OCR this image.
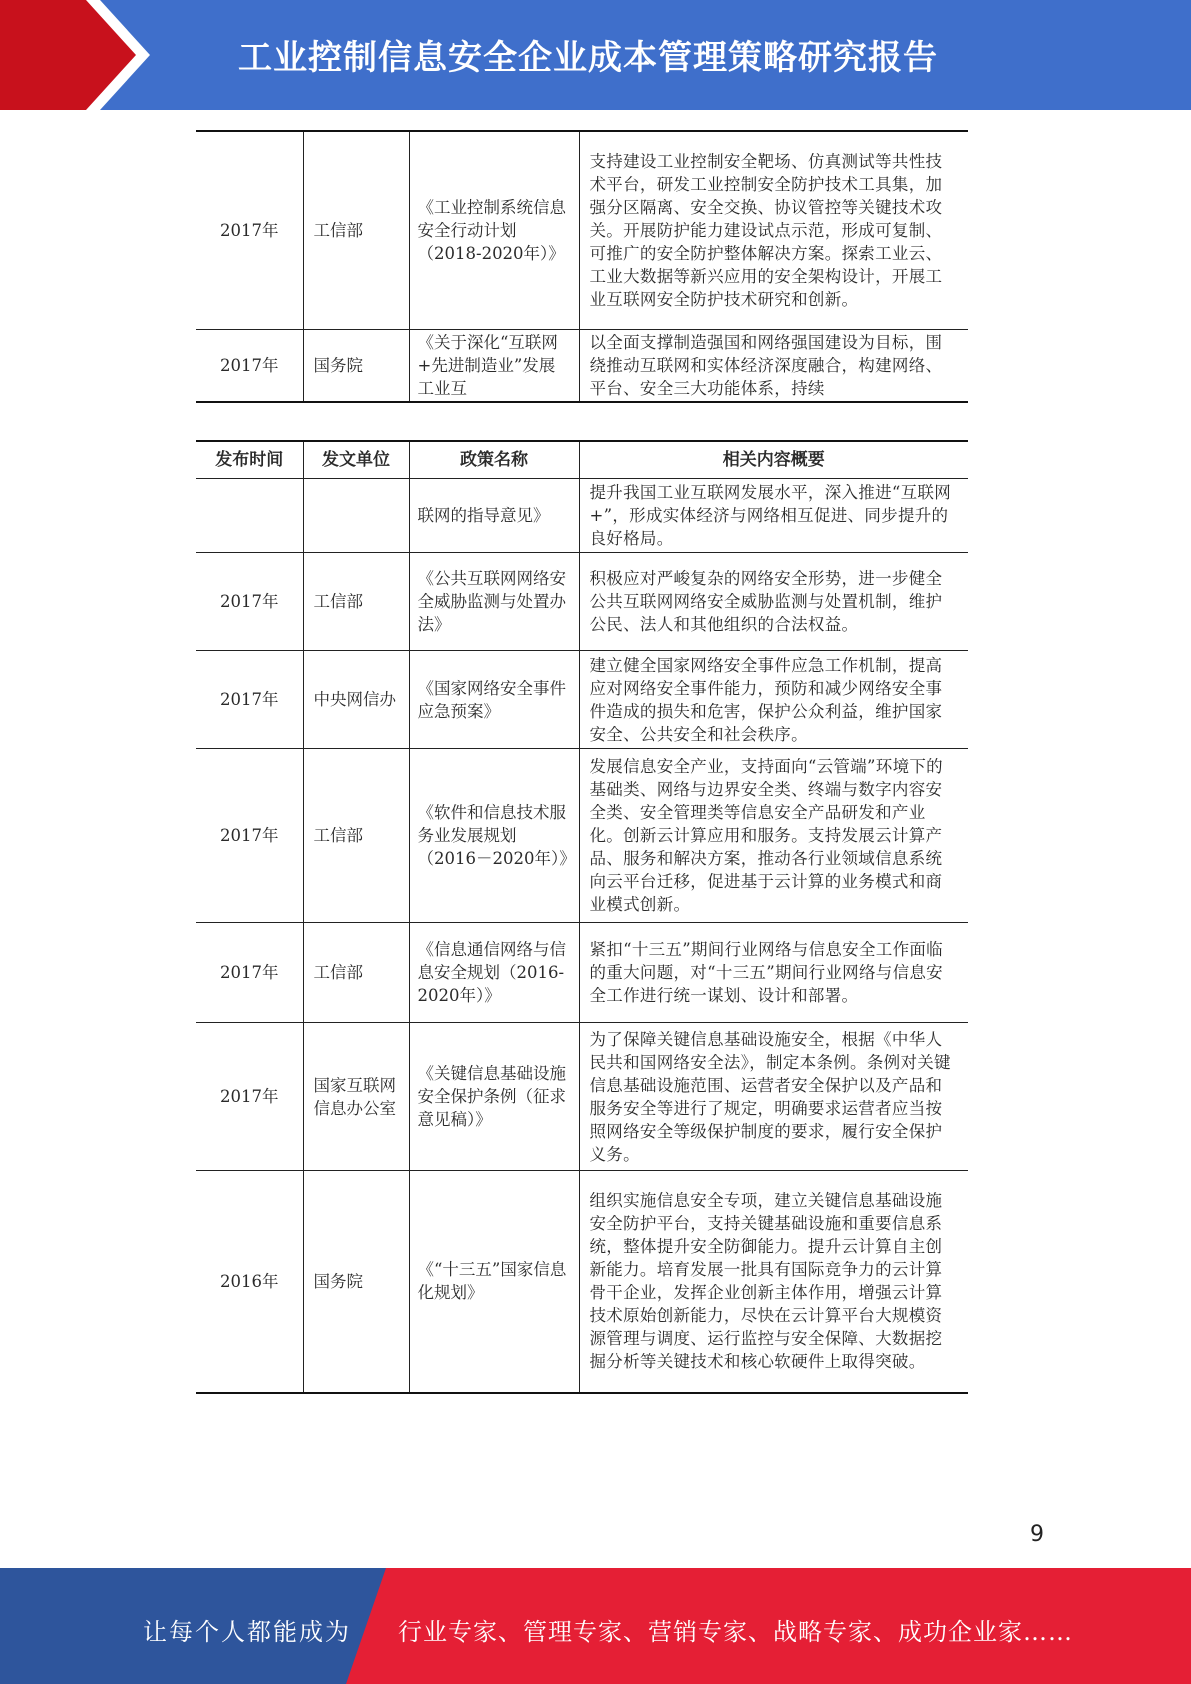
工业控制信息安全企业成本管理策略研究报告
2017年	工信部	《工业控制系统信息安全行动计划（2018-2020年）》	支持建设工业控制安全靶场、仿真测试等共性技术平台，研发工业控制安全防护技术工具集，加强分区隔离、安全交换、协议管控等关键技术攻关。开展防护能力建设试点示范，形成可复制、可推广的安全防护整体解决方案。探索工业云、工业大数据等新兴应用的安全架构设计，开展工业互联网安全防护技术研究和创新。
2017年	国务院	《关于深化“互联网+先进制造业”发展工业互	以全面支撑制造强国和网络强国建设为目标，围绕推动互联网和实体经济深度融合，构建网络、平台、安全三大功能体系，持续
发布时间	发文单位	政策名称	相关内容概要
		联网的指导意见》	提升我国工业互联网发展水平，深入推进“互联网+”，形成实体经济与网络相互促进、同步提升的良好格局。
2017年	工信部	《公共互联网网络安全威胁监测与处置办法》	积极应对严峻复杂的网络安全形势，进一步健全公共互联网网络安全威胁监测与处置机制，维护公民、法人和其他组织的合法权益。
2017年	中央网信办	《国家网络安全事件应急预案》	建立健全国家网络安全事件应急工作机制，提高应对网络安全事件能力，预防和减少网络安全事件造成的损失和危害，保护公众利益，维护国家安全、公共安全和社会秩序。
2017年	工信部	《软件和信息技术服务业发展规划（2016－2020年）》	发展信息安全产业，支持面向“云管端”环境下的基础类、网络与边界安全类、终端与数字内容安全类、安全管理类等信息安全产品研发和产业化。创新云计算应用和服务。支持发展云计算产品、服务和解决方案，推动各行业领域信息系统向云平台迁移，促进基于云计算的业务模式和商业模式创新。
2017年	工信部	《信息通信网络与信息安全规划（2016-2020年）》	紧扣“十三五”期间行业网络与信息安全工作面临的重大问题，对“十三五”期间行业网络与信息安全工作进行统一谋划、设计和部署。
2017年	国家互联网信息办公室	《关键信息基础设施安全保护条例（征求意见稿）》	为了保障关键信息基础设施安全，根据《中华人民共和国网络安全法》，制定本条例。条例对关键信息基础设施范围、运营者安全保护以及产品和服务安全等进行了规定，明确要求运营者应当按照网络安全等级保护制度的要求，履行安全保护义务。
2016年	国务院	《“十三五”国家信息化规划》	组织实施信息安全专项，建立关键信息基础设施安全防护平台，支持关键基础设施和重要信息系统，整体提升安全防御能力。提升云计算自主创新能力。培育发展一批具有国际竞争力的云计算骨干企业，发挥企业创新主体作用，增强云计算技术原始创新能力，尽快在云计算平台大规模资源管理与调度、运行监控与安全保障、大数据挖掘分析等关键技术和核心软硬件上取得突破。
9
让每个人都能成为 行业专家、管理专家、营销专家、战略专家、成功企业家……
